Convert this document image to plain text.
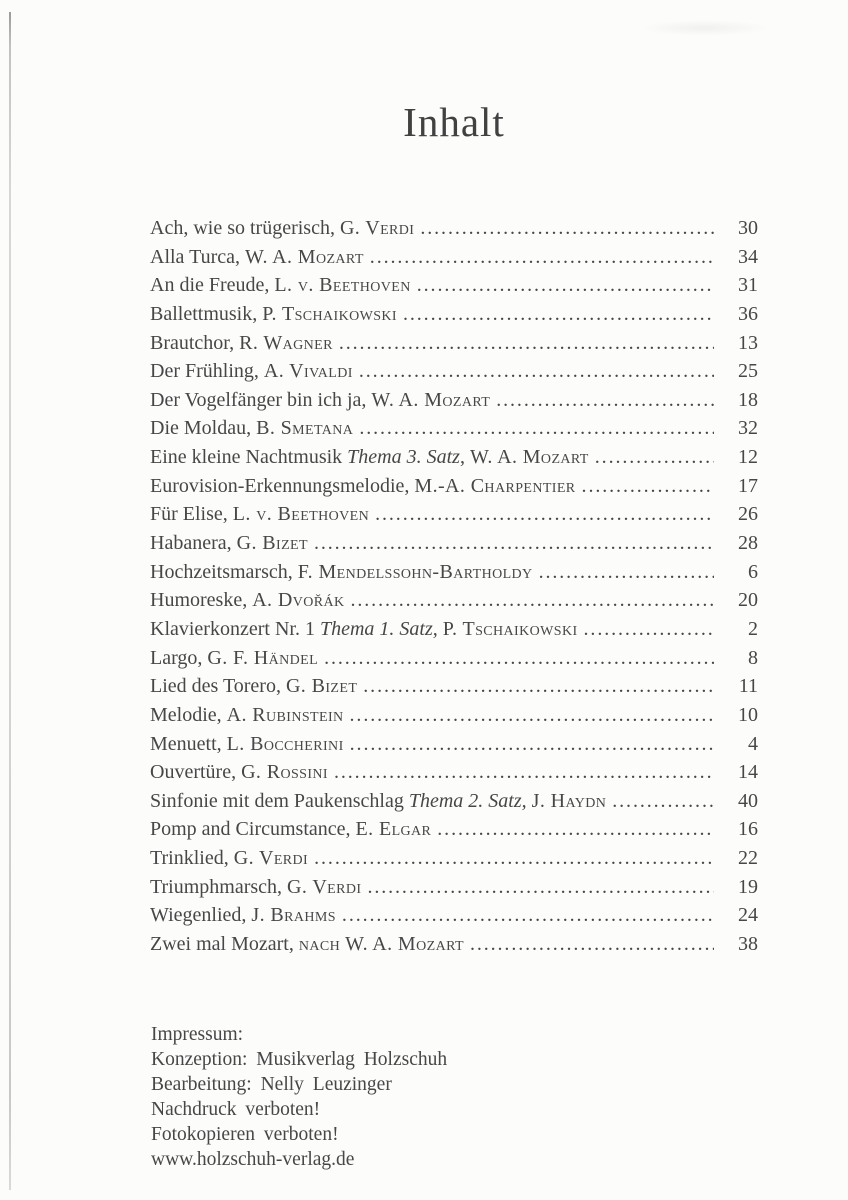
Inhalt
Ach, wie so trügerisch, G. Verdi .....	30
Alla Turca, W. A. Mozart .....	34
An die Freude, L. v. Beethoven .....	31
Ballettmusik, P. Tschaikowski .....	36
Brautchor, R. Wagner .....	13
Der Frühling, A. Vivaldi .....	25
Der Vogelfänger bin ich ja, W. A. Mozart .....	18
Die Moldau, B. Smetana .....	32
Eine kleine Nachtmusik Thema 3. Satz, W. A. Mozart .....	12
Eurovision-Erkennungsmelodie, M.-A. Charpentier .....	17
Für Elise, L. v. Beethoven .....	26
Habanera, G. Bizet .....	28
Hochzeitsmarsch, F. Mendelssohn-Bartholdy .....	6
Humoreske, A. Dvořák .....	20
Klavierkonzert Nr. 1 Thema 1. Satz, P. Tschaikowski .....	2
Largo, G. F. Händel .....	8
Lied des Torero, G. Bizet .....	11
Melodie, A. Rubinstein .....	10
Menuett, L. Boccherini .....	4
Ouvertüre, G. Rossini .....	14
Sinfonie mit dem Paukenschlag Thema 2. Satz, J. Haydn .....	40
Pomp and Circumstance, E. Elgar .....	16
Trinklied, G. Verdi .....	22
Triumphmarsch, G. Verdi .....	19
Wiegenlied, J. Brahms .....	24
Zwei mal Mozart, nach W. A. Mozart .....	38
Impressum:
Konzeption: Musikverlag Holzschuh
Bearbeitung: Nelly Leuzinger
Nachdruck verboten!
Fotokopieren verboten!
www.holzschuh-verlag.de
